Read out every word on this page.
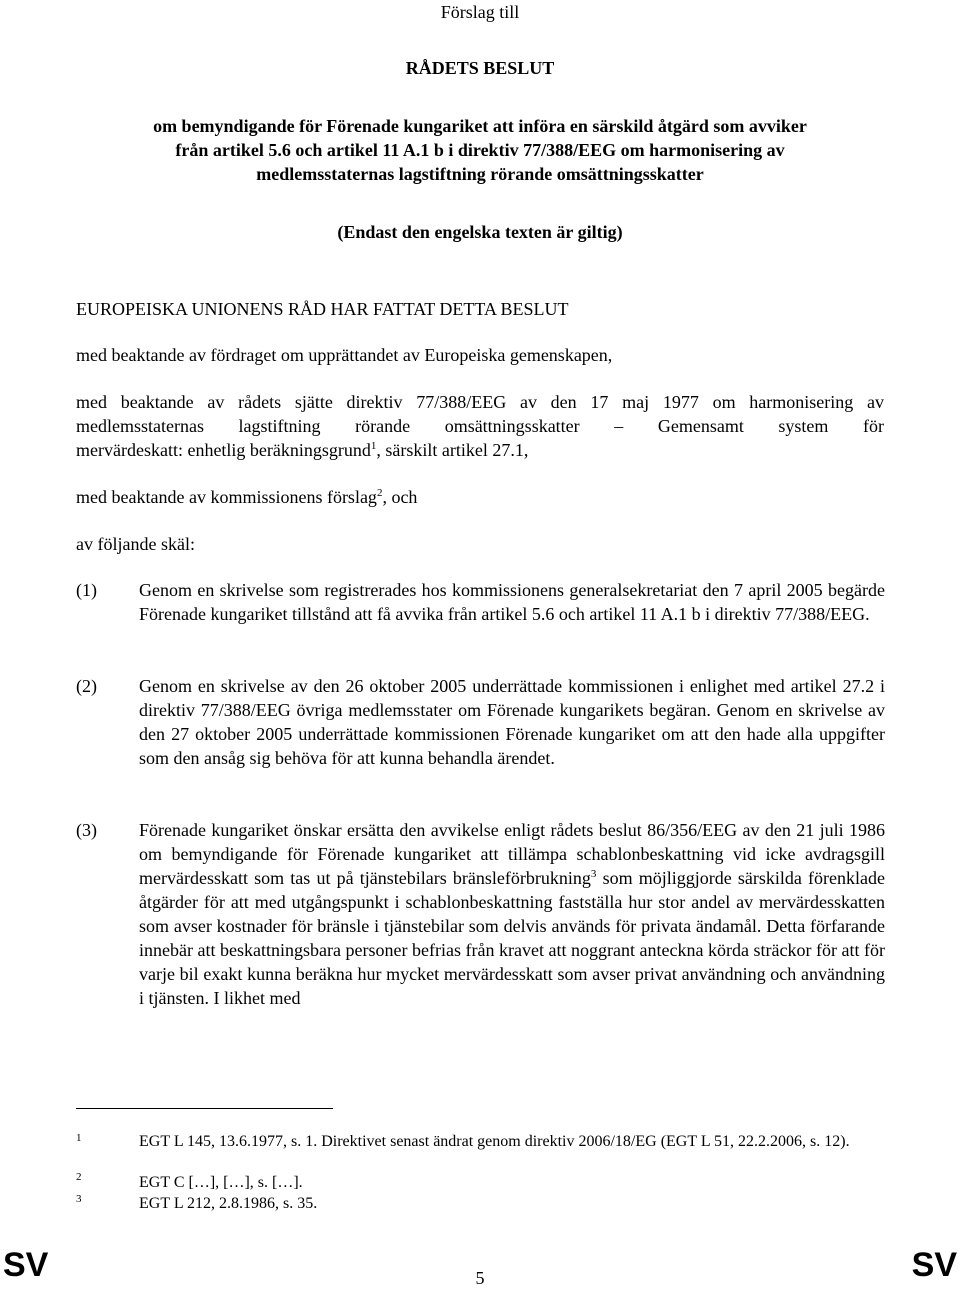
Förslag till
RÅDETS BESLUT
om bemyndigande för Förenade kungariket att införa en särskild åtgärd som avviker
från artikel 5.6 och artikel 11 A.1 b i direktiv 77/388/EEG om harmonisering av
medlemsstaternas lagstiftning rörande omsättningsskatter
(Endast den engelska texten är giltig)
EUROPEISKA UNIONENS RÅD HAR FATTAT DETTA BESLUT
med beaktande av fördraget om upprättandet av Europeiska gemenskapen,
med beaktande av rådets sjätte direktiv 77/388/EEG av den 17 maj 1977 om harmonisering av
medlemsstaternas lagstiftning rörande omsättningsskatter – Gemensamt system för
mervärdeskatt: enhetlig beräkningsgrund$^1$, särskilt artikel 27.1,
med beaktande av kommissionens förslag$^2$, och
av följande skäl:
(1) Genom en skrivelse som registrerades hos kommissionens generalsekretariat den 7 april 2005 begärde Förenade kungariket tillstånd att få avvika från artikel 5.6 och artikel 11 A.1 b i direktiv 77/388/EEG.
(2) Genom en skrivelse av den 26 oktober 2005 underrättade kommissionen i enlighet med artikel 27.2 i direktiv 77/388/EEG övriga medlemsstater om Förenade kungarikets begäran. Genom en skrivelse av den 27 oktober 2005 underrättade kommissionen Förenade kungariket om att den hade alla uppgifter som den ansåg sig behöva för att kunna behandla ärendet.
(3) Förenade kungariket önskar ersätta den avvikelse enligt rådets beslut 86/356/EEG av den 21 juli 1986 om bemyndigande för Förenade kungariket att tillämpa schablonbeskattning vid icke avdragsgill mervärdesskatt som tas ut på tjänstebilars bränsleförbrukning$^3$ som möjliggjorde särskilda förenklade åtgärder för att med utgångspunkt i schablonbeskattning fastställa hur stor andel av mervärdesskatten som avser kostnader för bränsle i tjänstebilar som delvis används för privata ändamål. Detta förfarande innebär att beskattningsbara personer befrias från kravet att noggrant anteckna körda sträckor för att för varje bil exakt kunna beräkna hur mycket mervärdesskatt som avser privat användning och användning i tjänsten. I likhet med
1	EGT L 145, 13.6.1977, s. 1. Direktivet senast ändrat genom direktiv 2006/18/EG (EGT L 51, 22.2.2006, s. 12).
2	EGT C […], […], s. […].
3	EGT L 212, 2.8.1986, s. 35.
SV	5	SV
